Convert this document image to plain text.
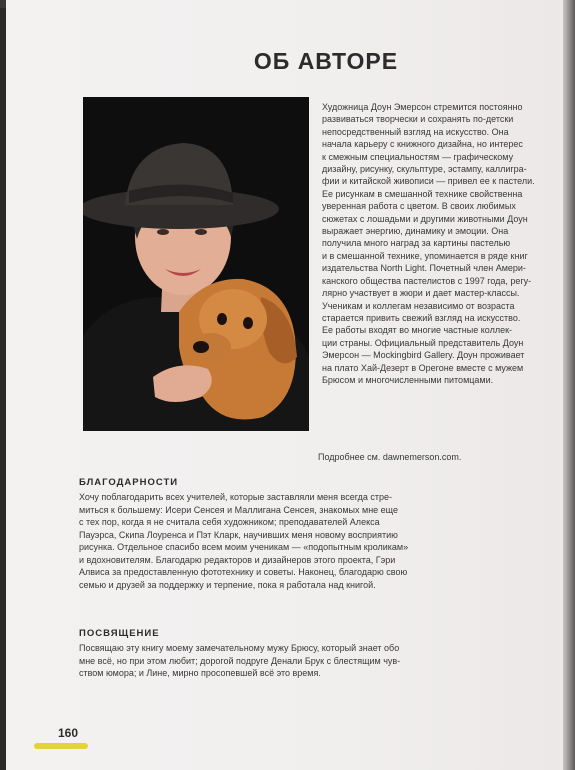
ОБ АВТОРЕ

Художница Доун Эмерсон стремится постоянно
развиваться творчески и сохранять по-детски
непосредственный взгляд на искусство. Она
начала карьеру с книжного дизайна, но интерес
к смежным специальностям — графическому
дизайну, рисунку, скульптуре, эстампу, каллигра-
фии и китайской живописи — привел ее к пастели.
Ее рисункам в смешанной технике свойственна
уверенная работа с цветом. В своих любимых
сюжетах с лошадьми и другими животными Доун
выражает энергию, динамику и эмоции. Она
получила много наград за картины пастелью
и в смешанной технике, упоминается в ряде книг
издательства North Light. Почетный член Амери-
канского общества пастелистов с 1997 года, регу-
лярно участвует в жюри и дает мастер-классы.
Ученикам и коллегам независимо от возраста
старается привить свежий взгляд на искусство.
Ее работы входят во многие частные коллек-
ции страны. Официальный представитель Доун
Эмерсон — Mockingbird Gallery. Доун проживает
на плато Хай-Дезерт в Орегоне вместе с мужем
Брюсом и многочисленными питомцами.

Подробнее см. dawnemerson.com.
БЛАГОДАРНОСТИ

Хочу поблагодарить всех учителей, которые заставляли меня всегда стре-
миться к большему: Исери Сенсея и Маллигана Сенсея, знакомых мне еще
с тех пор, когда я не считала себя художником; преподавателей Алекса
Пауэрса, Скипа Лоуренса и Пэт Кларк, научивших меня новому восприятию
рисунка. Отдельное спасибо всем моим ученикам — «подопытным кроликам»
и вдохновителям. Благодарю редакторов и дизайнеров этого проекта, Гэри
Алвиса за предоставленную фототехнику и советы. Наконец, благодарю свою
семью и друзей за поддержку и терпение, пока я работала над книгой.

ПОСВЯЩЕНИЕ

Посвящаю эту книгу моему замечательному мужу Брюсу, который знает обо
мне всё, но при этом любит; дорогой подруге Денали Брук с блестящим чув-
ством юмора; и Лине, мирно просопевшей всё это время.

160
